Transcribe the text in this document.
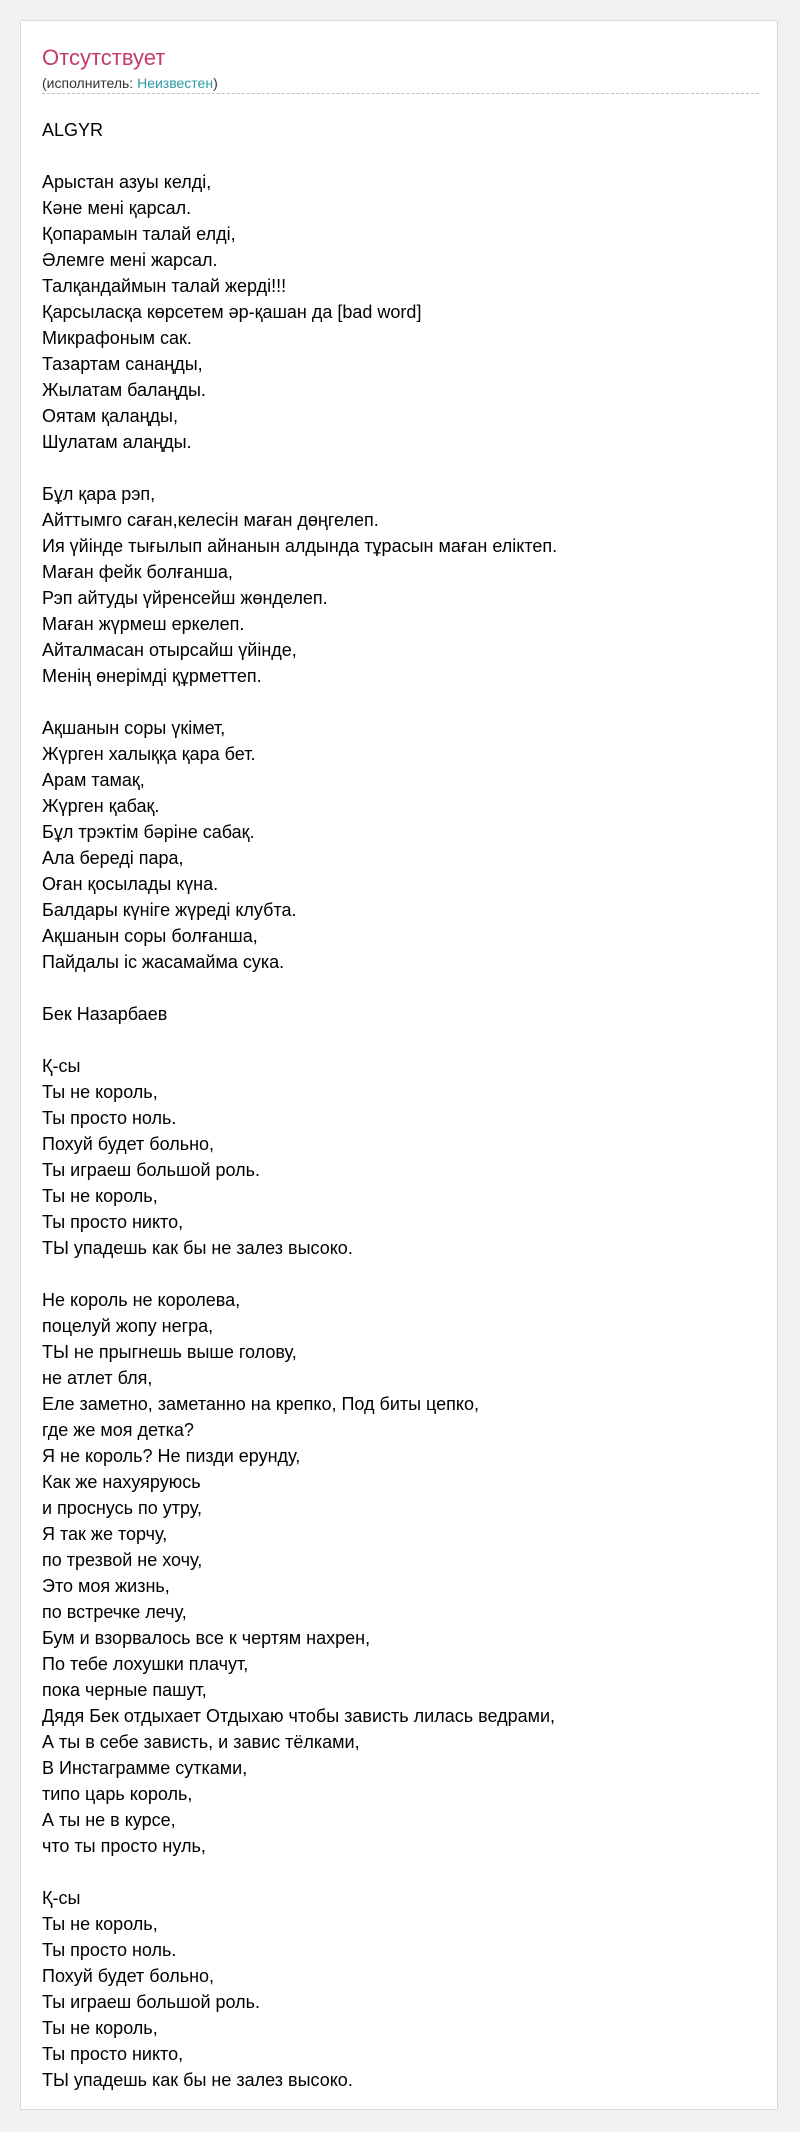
Отсутствует
(исполнитель: Неизвестен)
ALGYR
Арыстан азуы келді,
Кәне мені қарсал.
Қопарамын талай елді,
Әлемге мені жарсал.
Талқандаймын талай жерді!!!
Қарсыласқа көрсетем әр-қашан да [bad word]
Микрафоным сак.
Тазартам санаңды,
Жылатам балаңды.
Оятам қалаңды,
Шулатам алаңды.
Бұл қара рэп,
Айттымго саған,келесін маған дөңгелеп.
Ия үйінде тығылып айнанын алдында тұрасын маған еліктеп.
Маған фейк болғанша,
Рэп айтуды үйренсейш жөнделеп.
Маған жүрмеш еркелеп.
Айталмасан отырсайш үйінде,
Менің өнерімді құрметтеп.
Ақшанын соры үкімет,
Жүрген халыққа қара бет.
Арам тамақ,
Жүрген қабақ.
Бұл трэктім бәріне сабақ.
Ала береді пара,
Оған қосылады күна.
Балдары күнігe жүреді клубта.
Ақшанын соры болғанша,
Пайдалы іс жасамайма сука.
Бек Назарбаев
Қ-сы
Ты не король,
Ты просто ноль.
Похуй будет больно,
Ты играеш большой роль.
Ты не король,
Ты просто никто,
ТЫ упадешь как бы не залез высоко.
Не король не королева,
поцелуй жопу негра,
ТЫ не прыгнешь выше голову,
не атлет бля,
Еле заметно, заметанно на крепко, Под биты цепко,
где же моя детка?
Я не король? Не пизди ерунду,
Как же нахуяруюсь
и проснусь по утру,
Я так же торчу,
по трезвой не хочу,
Это моя жизнь,
по встречке лечу,
Бум и взорвалось все к чертям нахрен,
По тебе лохушки плачут,
пока черные пашут,
Дядя Бек отдыхает Отдыхаю чтобы зависть лилась ведрами,
А ты в себе зависть, и завис тёлками,
В Инстаграмме сутками,
типо царь король,
А ты не в курсе,
что ты просто нуль,
Қ-сы
Ты не король,
Ты просто ноль.
Похуй будет больно,
Ты играеш большой роль.
Ты не король,
Ты просто никто,
ТЫ упадешь как бы не залез высоко.
